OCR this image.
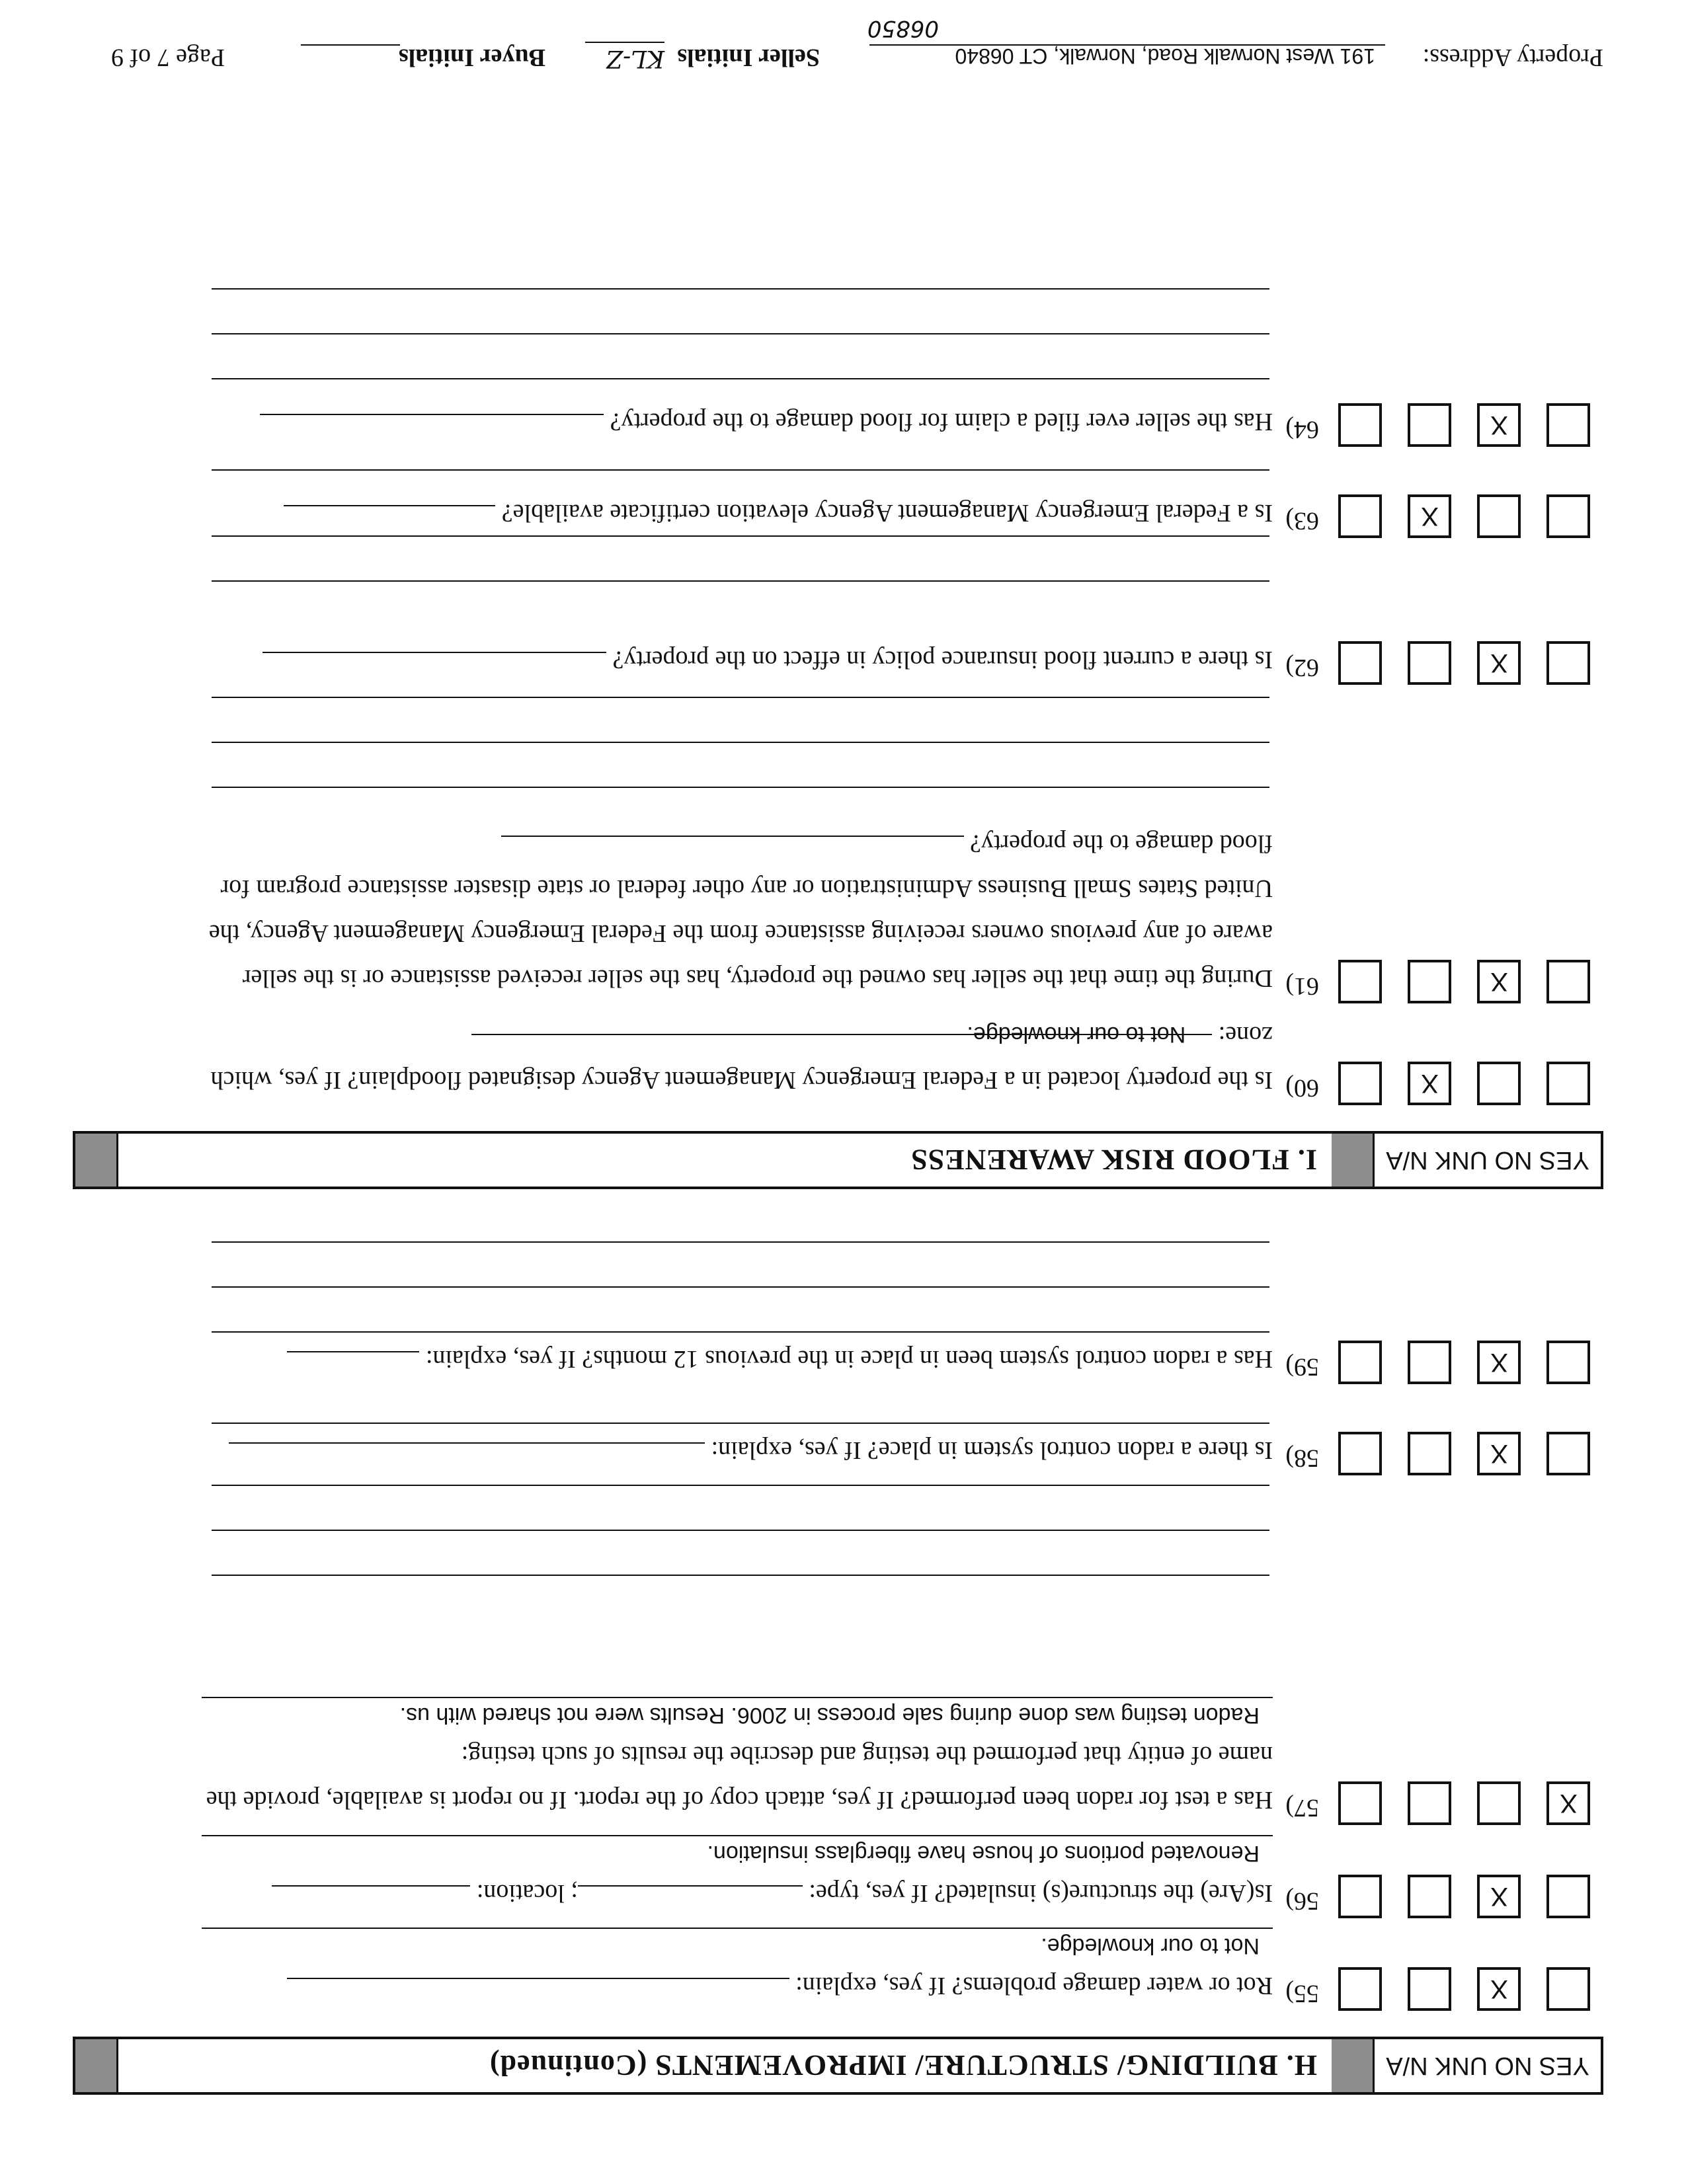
YES
NO
UNK
N/A
H. BUILDING/ STRUCTURE/ IMPROVEMENTS (Continued)
X
55)
Rot or water damage problems? If yes, explain:
Not to our knowledge.
X
56)
Is(Are) the structure(s) insulated? If yes, type: ; location:
Renovated portions of house have fiberglass insulation.
X
57)
Has a test for radon been performed? If yes, attach copy of the report. If no report is available, provide the name of entity that performed the testing and describe the results of such testing:
Radon testing was done during sale process in 2006. Results were not shared with us.
X
58)
Is there a radon control system in place? If yes, explain:
X
59)
Has a radon control system been in place in the previous 12 months? If yes, explain:
YES
NO
UNK
N/A
I. FLOOD RISK AWARENESS
X
60)
Is the property located in a Federal Emergency Management Agency designated floodplain? If yes, which zone: Not to our knowledge.
X
61)
During the time that the seller has owned the property, has the seller received assistance or is the seller aware of any previous owners receiving assistance from the Federal Emergency Management Agency, the United States Small Business Administration or any other federal or state disaster assistance program for flood damage to the property?
X
62)
Is there a current flood insurance policy in effect on the property?
X
63)
Is a Federal Emergency Management Agency elevation certificate available?
X
64)
Has the seller ever filed a claim for flood damage to the property?
Property Address:
191 West Norwalk Road, Norwalk, CT 06840
06850
Seller Initials
KL-Z
Buyer Initials
Page 7 of 9
